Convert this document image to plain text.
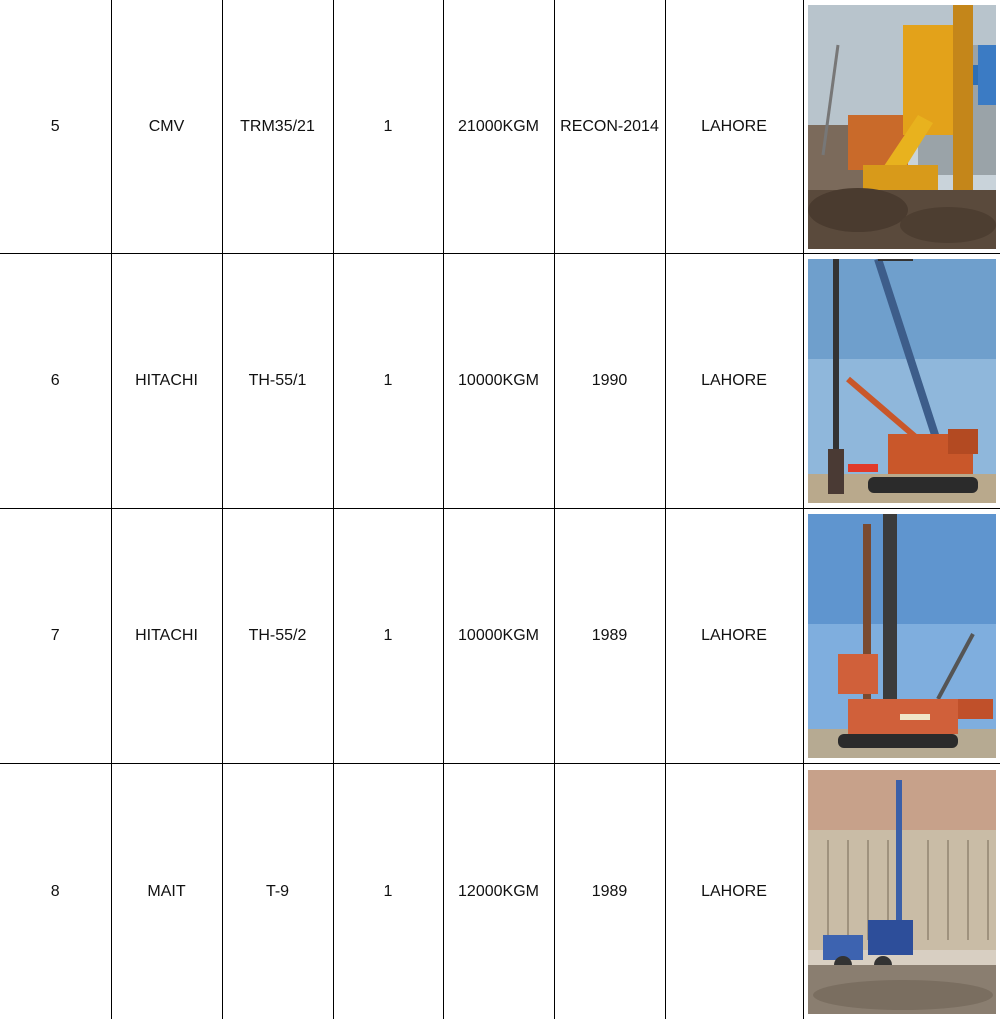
5	CMV	TRM35/21	1	21000KGM	RECON-2014	LAHORE	

6	HITACHI	TH-55/1	1	10000KGM	1990	LAHORE	

7	HITACHI	TH-55/2	1	10000KGM	1989	LAHORE	

8	MAIT	T-9	1	12000KGM	1989	LAHORE	
